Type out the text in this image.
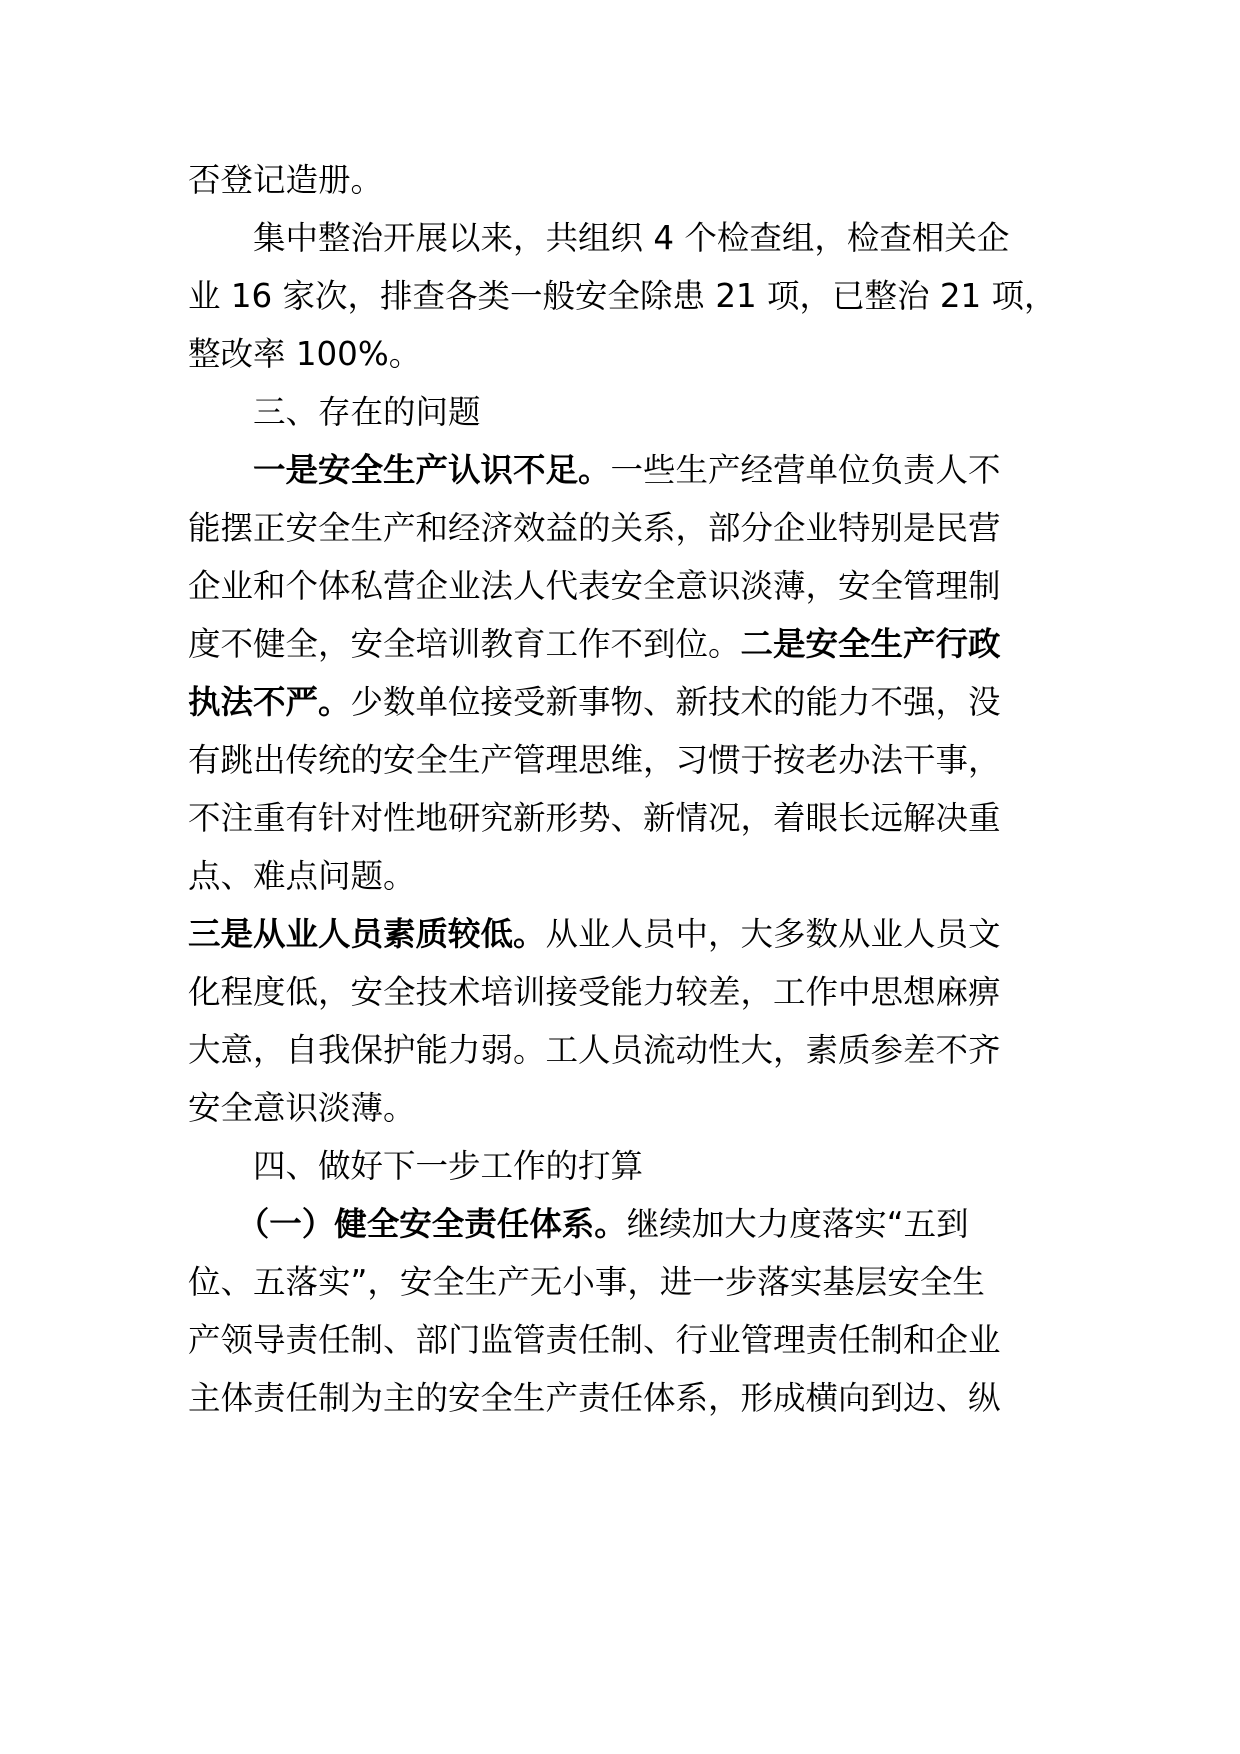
否登记造册。
　　集中整治开展以来，共组织 4 个检查组，检查相关企
业 16 家次，排查各类一般安全除患 21 项，已整治 21 项，
整改率 100%。
　　三、存在的问题
　　一是安全生产认识不足。一些生产经营单位负责人不
能摆正安全生产和经济效益的关系，部分企业特别是民营
企业和个体私营企业法人代表安全意识淡薄，安全管理制
度不健全，安全培训教育工作不到位。二是安全生产行政
执法不严。少数单位接受新事物、新技术的能力不强，没
有跳出传统的安全生产管理思维，习惯于按老办法干事，
不注重有针对性地研究新形势、新情况，着眼长远解决重
点、难点问题。
三是从业人员素质较低。从业人员中，大多数从业人员文
化程度低，安全技术培训接受能力较差，工作中思想麻痹
大意，自我保护能力弱。工人员流动性大，素质参差不齐
安全意识淡薄。
　　四、做好下一步工作的打算
　　（一）健全安全责任体系。继续加大力度落实“五到
位、五落实”，安全生产无小事，进一步落实基层安全生
产领导责任制、部门监管责任制、行业管理责任制和企业
主体责任制为主的安全生产责任体系，形成横向到边、纵
